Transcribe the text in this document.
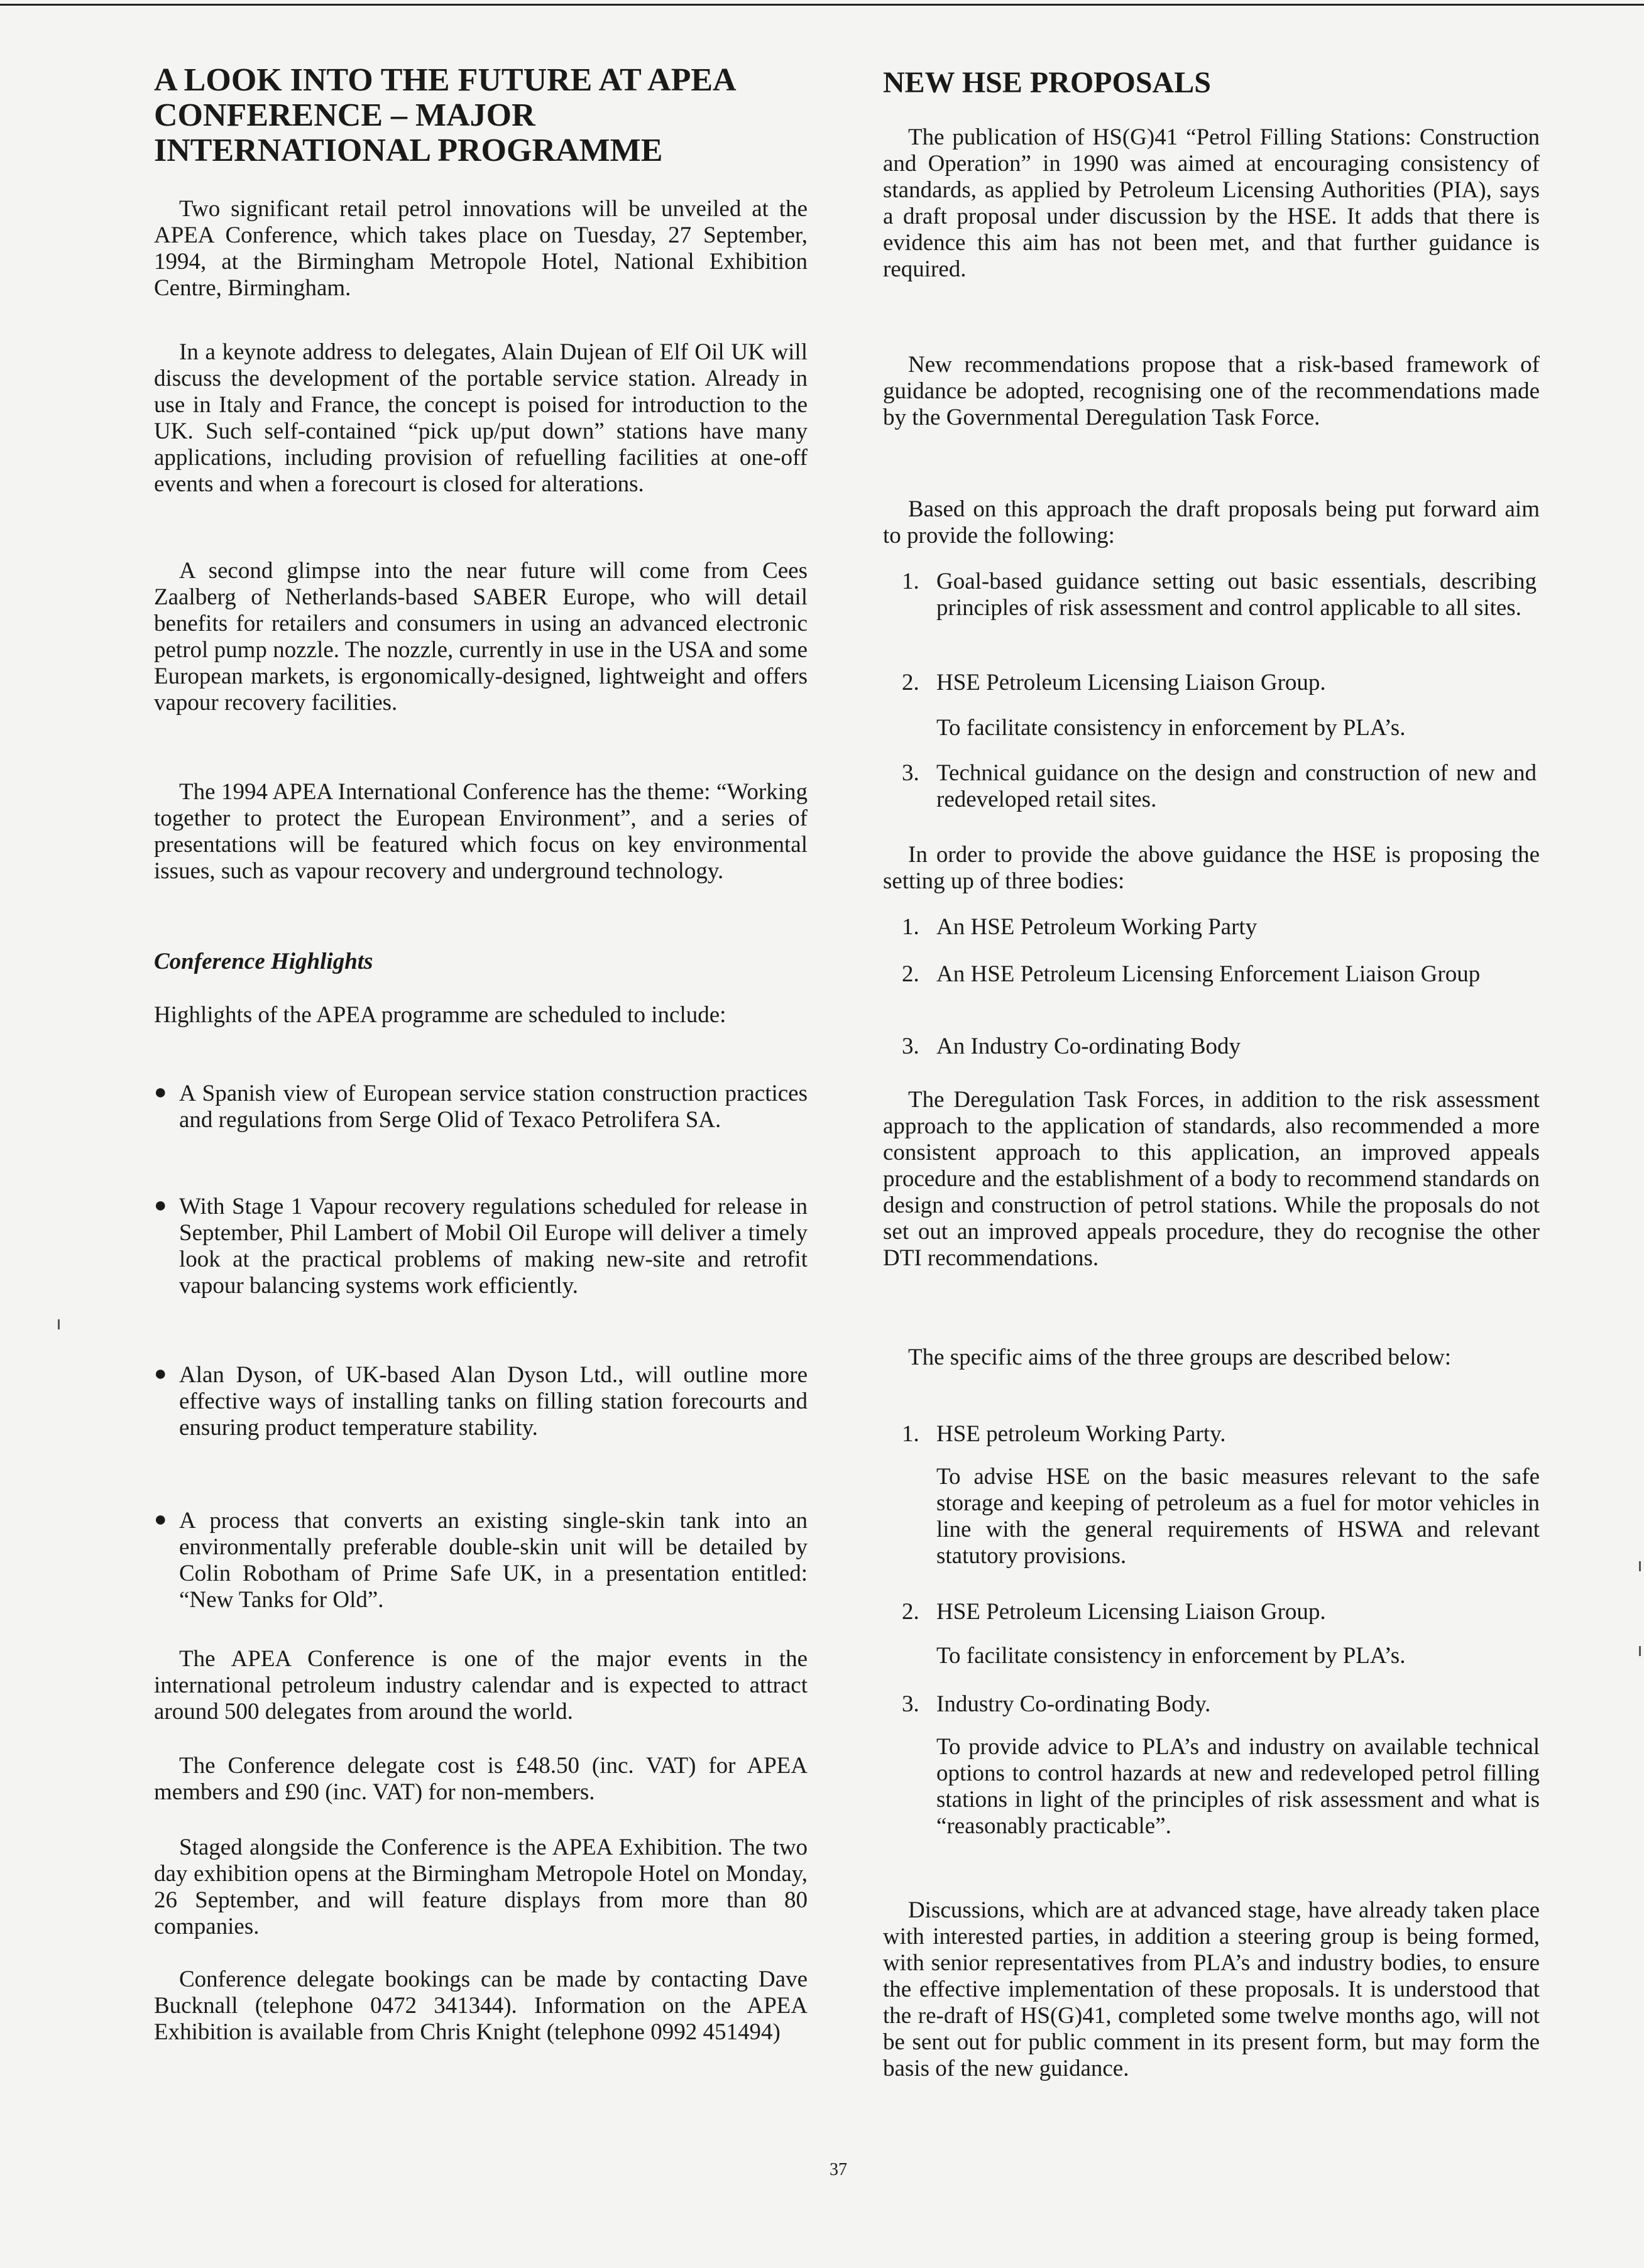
A LOOK INTO THE FUTURE AT APEA CONFERENCE – MAJOR INTERNATIONAL PROGRAMME

Two significant retail petrol innovations will be unveiled at the APEA Conference, which takes place on Tuesday, 27 September, 1994, at the Birmingham Metropole Hotel, National Exhibition Centre, Birmingham.

In a keynote address to delegates, Alain Dujean of Elf Oil UK will discuss the development of the portable service station. Already in use in Italy and France, the concept is poised for introduction to the UK. Such self-contained “pick up/put down” stations have many applications, including provision of refuelling facilities at one-off events and when a forecourt is closed for alterations.

A second glimpse into the near future will come from Cees Zaalberg of Netherlands-based SABER Europe, who will detail benefits for retailers and consumers in using an advanced electronic petrol pump nozzle. The nozzle, currently in use in the USA and some European markets, is ergonomically-designed, lightweight and offers vapour recovery facilities.

The 1994 APEA International Conference has the theme: “Working together to protect the European Environment”, and a series of presentations will be featured which focus on key environmental issues, such as vapour recovery and underground technology.

Conference Highlights

Highlights of the APEA programme are scheduled to include:

● A Spanish view of European service station construction practices and regulations from Serge Olid of Texaco Petrolifera SA.

● With Stage 1 Vapour recovery regulations scheduled for release in September, Phil Lambert of Mobil Oil Europe will deliver a timely look at the practical problems of making new-site and retrofit vapour balancing systems work efficiently.

● Alan Dyson, of UK-based Alan Dyson Ltd., will outline more effective ways of installing tanks on filling station forecourts and ensuring product temperature stability.

● A process that converts an existing single-skin tank into an environmentally preferable double-skin unit will be detailed by Colin Robotham of Prime Safe UK, in a presentation entitled: “New Tanks for Old”.

The APEA Conference is one of the major events in the international petroleum industry calendar and is expected to attract around 500 delegates from around the world.

The Conference delegate cost is £48.50 (inc. VAT) for APEA members and £90 (inc. VAT) for non-members.

Staged alongside the Conference is the APEA Exhibition. The two day exhibition opens at the Birmingham Metropole Hotel on Monday, 26 September, and will feature displays from more than 80 companies.

Conference delegate bookings can be made by contacting Dave Bucknall (telephone 0472 341344). Information on the APEA Exhibition is available from Chris Knight (telephone 0992 451494)

NEW HSE PROPOSALS

The publication of HS(G)41 “Petrol Filling Stations: Construction and Operation” in 1990 was aimed at encouraging consistency of standards, as applied by Petroleum Licensing Authorities (PIA), says a draft proposal under discussion by the HSE. It adds that there is evidence this aim has not been met, and that further guidance is required.

New recommendations propose that a risk-based framework of guidance be adopted, recognising one of the recommendations made by the Governmental Deregulation Task Force.

Based on this approach the draft proposals being put forward aim to provide the following:

1. Goal-based guidance setting out basic essentials, describing principles of risk assessment and control applicable to all sites.

2. HSE Petroleum Licensing Liaison Group.

To facilitate consistency in enforcement by PLA’s.

3. Technical guidance on the design and construction of new and redeveloped retail sites.

In order to provide the above guidance the HSE is proposing the setting up of three bodies:

1. An HSE Petroleum Working Party

2. An HSE Petroleum Licensing Enforcement Liaison Group

3. An Industry Co-ordinating Body

The Deregulation Task Forces, in addition to the risk assessment approach to the application of standards, also recommended a more consistent approach to this application, an improved appeals procedure and the establishment of a body to recommend standards on design and construction of petrol stations. While the proposals do not set out an improved appeals procedure, they do recognise the other DTI recommendations.

The specific aims of the three groups are described below:

1. HSE petroleum Working Party.

To advise HSE on the basic measures relevant to the safe storage and keeping of petroleum as a fuel for motor vehicles in line with the general requirements of HSWA and relevant statutory provisions.

2. HSE Petroleum Licensing Liaison Group.

To facilitate consistency in enforcement by PLA’s.

3. Industry Co-ordinating Body.

To provide advice to PLA’s and industry on available technical options to control hazards at new and redeveloped petrol filling stations in light of the principles of risk assessment and what is “reasonably practicable”.

Discussions, which are at advanced stage, have already taken place with interested parties, in addition a steering group is being formed, with senior representatives from PLA’s and industry bodies, to ensure the effective implementation of these proposals. It is understood that the re-draft of HS(G)41, completed some twelve months ago, will not be sent out for public comment in its present form, but may form the basis of the new guidance.

37
